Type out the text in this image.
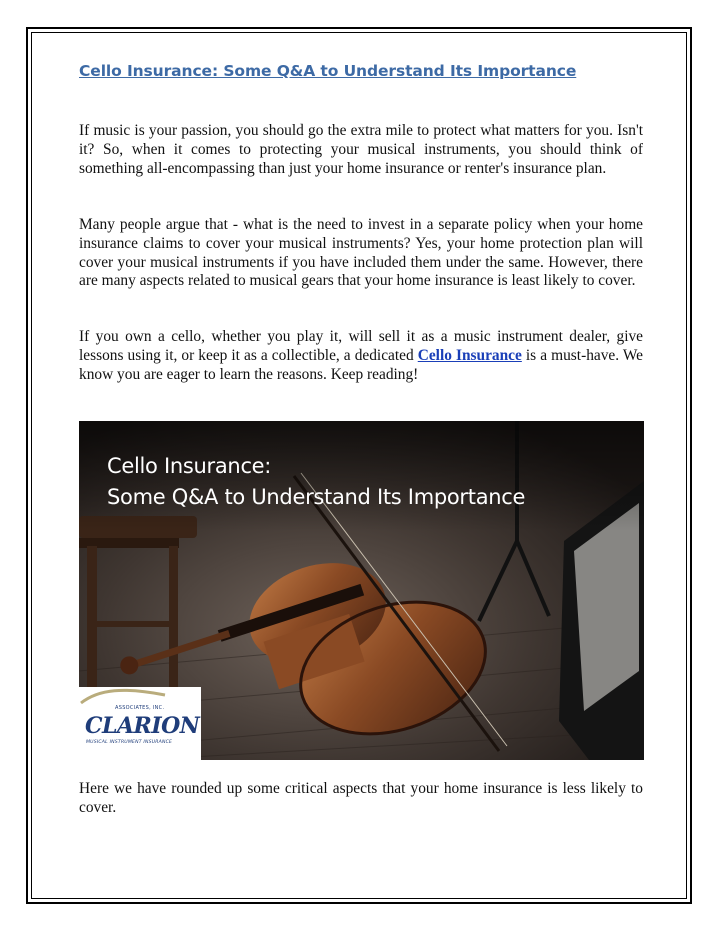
Cello Insurance: Some Q&A to Understand Its Importance

If music is your passion, you should go the extra mile to protect what matters for you. Isn't it? So, when it comes to protecting your musical instruments, you should think of something all-encompassing than just your home insurance or renter's insurance plan.

Many people argue that - what is the need to invest in a separate policy when your home insurance claims to cover your musical instruments? Yes, your home protection plan will cover your musical instruments if you have included them under the same. However, there are many aspects related to musical gears that your home insurance is least likely to cover.

If you own a cello, whether you play it, will sell it as a music instrument dealer, give lessons using it, or keep it as a collectible, a dedicated Cello Insurance is a must-have. We know you are eager to learn the reasons. Keep reading!

Cello Insurance:

Some Q&A to Understand Its Importance

ASSOCIATES, INC.
CLARION
MUSICAL INSTRUMENT INSURANCE

Here we have rounded up some critical aspects that your home insurance is less likely to cover.
